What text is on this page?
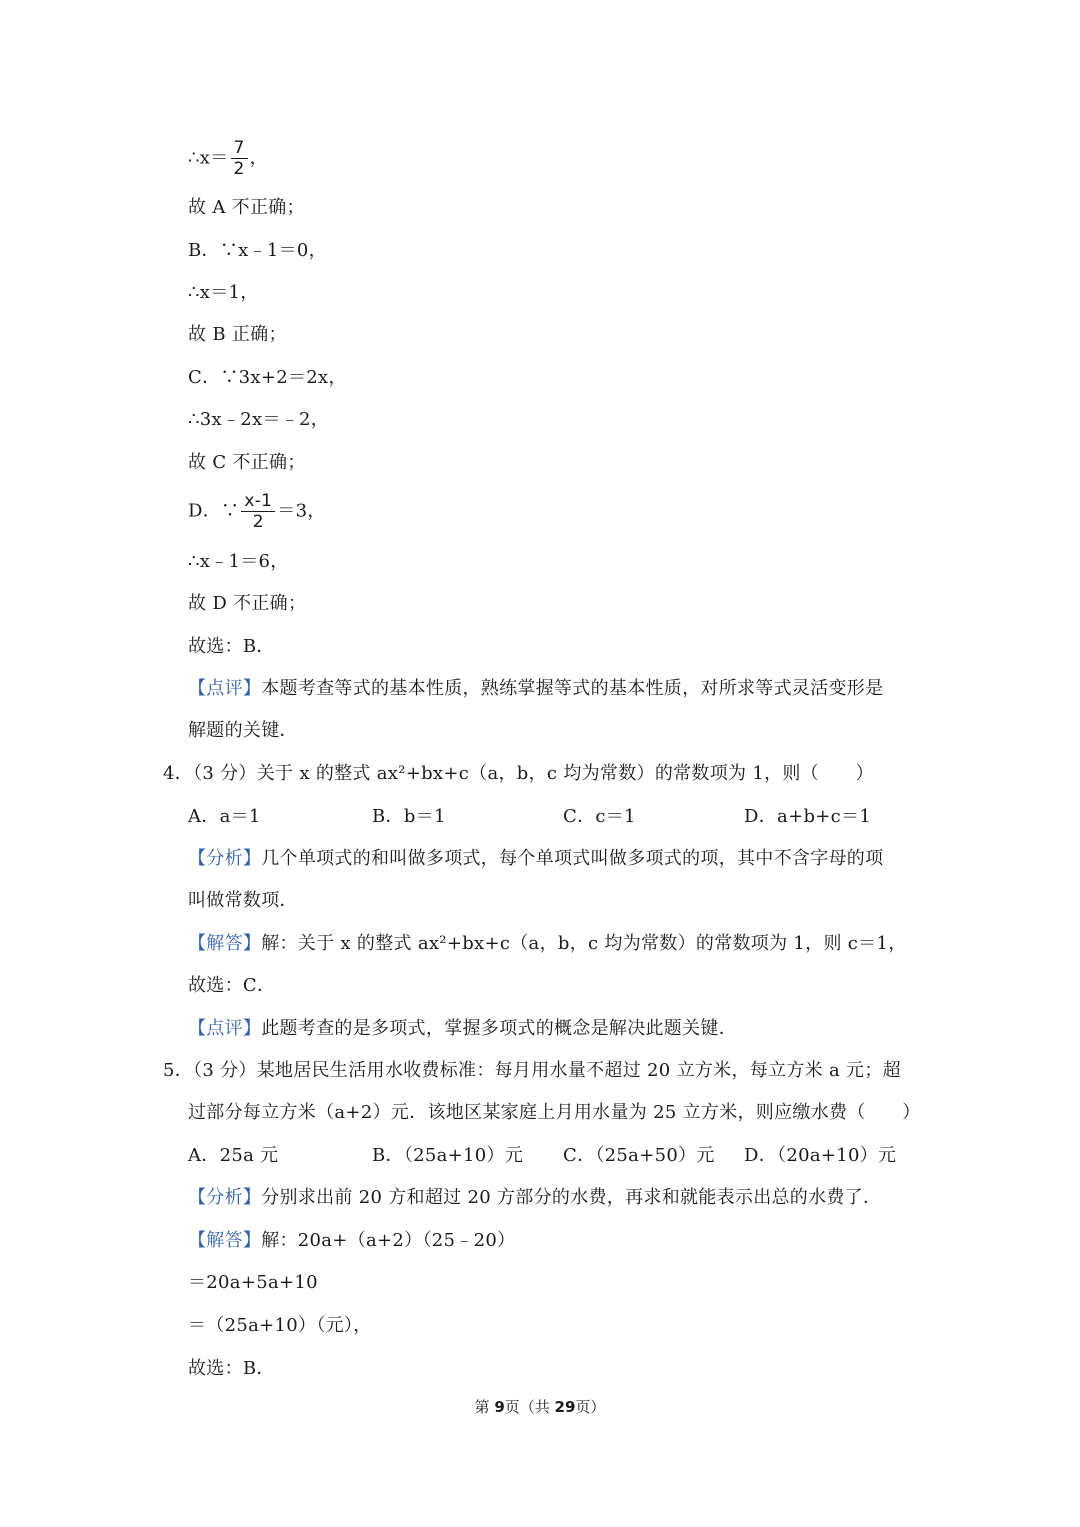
∴x＝ $\frac{7}{2}$ ，
故 A 不正确；
B．∵x﹣1＝0，
∴x＝1，
故 B 正确；
C．∵3x+2＝2x，
∴3x﹣2x＝﹣2，
故 C 不正确；
D．∵ $\frac{x-1}{2} =3$，
∴x﹣1＝6，
故 D 不正确；
故选：B．
【点评】本题考查等式的基本性质，熟练掌握等式的基本性质，对所求等式灵活变形是
解题的关键．
4．（3 分）关于 x 的整式 ax²+bx+c（a，b，c 均为常数）的常数项为 1，则（　　）
A．a＝1	B．b＝1	C．c＝1	D．a+b+c＝1
【分析】几个单项式的和叫做多项式，每个单项式叫做多项式的项，其中不含字母的项
叫做常数项．
【解答】解：关于 x 的整式 ax²+bx+c（a，b，c 均为常数）的常数项为 1，则 c＝1，
故选：C．
【点评】此题考查的是多项式，掌握多项式的概念是解决此题关键．
5．（3 分）某地居民生活用水收费标准：每月用水量不超过 20 立方米，每立方米 a 元；超
过部分每立方米（a+2）元．该地区某家庭上月用水量为 25 立方米，则应缴水费（　　）
A．25a 元	B．（25a+10）元 C．（25a+50）元 D．（20a+10）元
【分析】分别求出前 20 方和超过 20 方部分的水费，再求和就能表示出总的水费了．
【解答】解：20a+（a+2）（25﹣20）
＝20a+5a+10
＝（25a+10）（元），
故选：B．
第 9页（共 29页）
